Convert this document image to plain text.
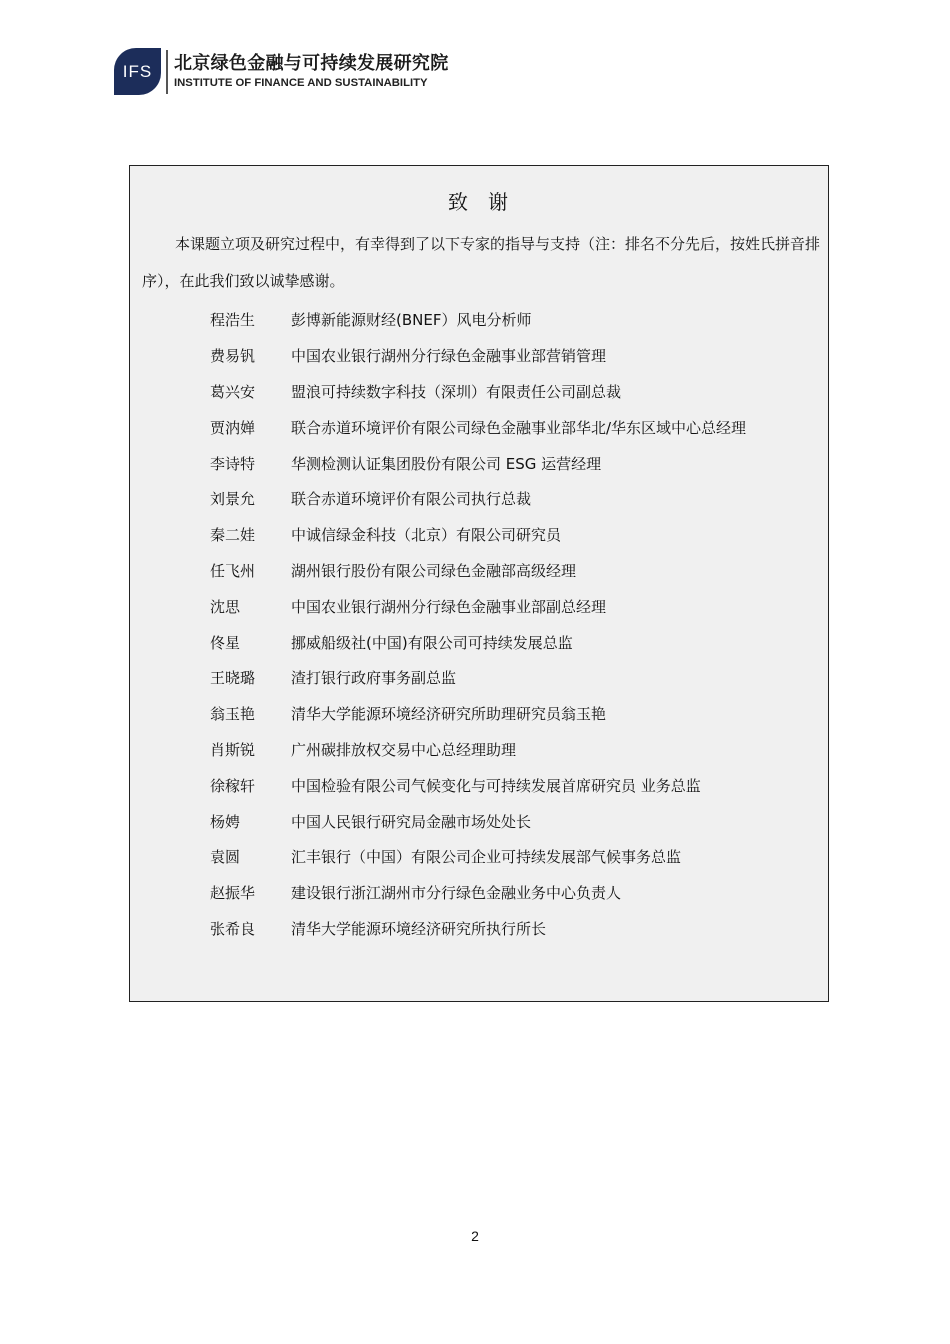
IFS	北京绿色金融与可持续发展研究院
INSTITUTE OF FINANCE AND SUSTAINABILITY
致 谢
本课题立项及研究过程中，有幸得到了以下专家的指导与支持（注：排名不分先后，按姓氏拼音排序），在此我们致以诚挚感谢。
程浩生	彭博新能源财经(BNEF）风电分析师
费易钒	中国农业银行湖州分行绿色金融事业部营销管理
葛兴安	盟浪可持续数字科技（深圳）有限责任公司副总裁
贾汭婵	联合赤道环境评价有限公司绿色金融事业部华北/华东区域中心总经理
李诗特	华测检测认证集团股份有限公司 ESG 运营经理
刘景允	联合赤道环境评价有限公司执行总裁
秦二娃	中诚信绿金科技（北京）有限公司研究员
任飞州	湖州银行股份有限公司绿色金融部高级经理
沈思	中国农业银行湖州分行绿色金融事业部副总经理
佟星	挪威船级社(中国)有限公司可持续发展总监
王晓璐	渣打银行政府事务副总监
翁玉艳	清华大学能源环境经济研究所助理研究员翁玉艳
肖斯锐	广州碳排放权交易中心总经理助理
徐稼轩	中国检验有限公司气候变化与可持续发展首席研究员 业务总监
杨娉	中国人民银行研究局金融市场处处长
袁圆	汇丰银行（中国）有限公司企业可持续发展部气候事务总监
赵振华	建设银行浙江湖州市分行绿色金融业务中心负责人
张希良	清华大学能源环境经济研究所执行所长
2
